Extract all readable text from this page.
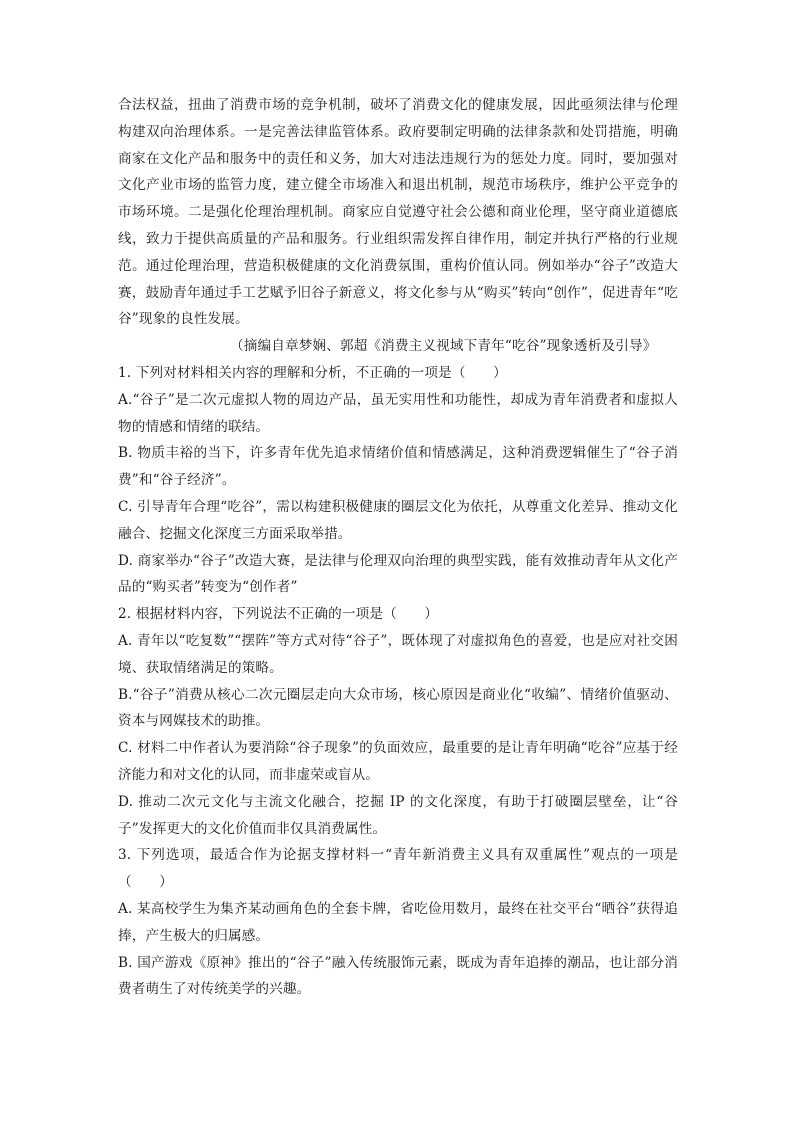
合法权益，扭曲了消费市场的竞争机制，破坏了消费文化的健康发展，因此亟须法律与伦理构建双向治理体系。一是完善法律监管体系。政府要制定明确的法律条款和处罚措施，明确商家在文化产品和服务中的责任和义务，加大对违法违规行为的惩处力度。同时，要加强对文化产业市场的监管力度，建立健全市场准入和退出机制，规范市场秩序，维护公平竞争的市场环境。二是强化伦理治理机制。商家应自觉遵守社会公德和商业伦理，坚守商业道德底线，致力于提供高质量的产品和服务。行业组织需发挥自律作用，制定并执行严格的行业规范。通过伦理治理，营造积极健康的文化消费氛围，重构价值认同。例如举办“谷子”改造大赛，鼓励青年通过手工艺赋予旧谷子新意义，将文化参与从“购买”转向“创作”，促进青年“吃谷”现象的良性发展。

（摘编自章梦娴、郭超《消费主义视域下青年“吃谷”现象透析及引导》

1. 下列对材料相关内容的理解和分析，不正确的一项是（　　）

A.“谷子”是二次元虚拟人物的周边产品，虽无实用性和功能性，却成为青年消费者和虚拟人物的情感和情绪的联结。

B. 物质丰裕的当下，许多青年优先追求情绪价值和情感满足，这种消费逻辑催生了“谷子消费”和“谷子经济”。

C. 引导青年合理“吃谷”，需以构建积极健康的圈层文化为依托，从尊重文化差异、推动文化融合、挖掘文化深度三方面采取举措。

D. 商家举办“谷子”改造大赛，是法律与伦理双向治理的典型实践，能有效推动青年从文化产品的“购买者”转变为“创作者”

2. 根据材料内容，下列说法不正确的一项是（　　）

A. 青年以“吃复数”“摆阵”等方式对待“谷子”，既体现了对虚拟角色的喜爱，也是应对社交困境、获取情绪满足的策略。

B.“谷子”消费从核心二次元圈层走向大众市场，核心原因是商业化“收编”、情绪价值驱动、资本与网媒技术的助推。

C. 材料二中作者认为要消除“谷子现象”的负面效应，最重要的是让青年明确“吃谷”应基于经济能力和对文化的认同，而非虚荣或盲从。

D. 推动二次元文化与主流文化融合，挖掘 IP 的文化深度，有助于打破圈层壁垒，让“谷子”发挥更大的文化价值而非仅具消费属性。

3. 下列选项，最适合作为论据支撑材料一“青年新消费主义具有双重属性”观点的一项是（　　）

A. 某高校学生为集齐某动画角色的全套卡牌，省吃俭用数月，最终在社交平台“晒谷”获得追捧，产生极大的归属感。

B. 国产游戏《原神》推出的“谷子”融入传统服饰元素，既成为青年追捧的潮品，也让部分消费者萌生了对传统美学的兴趣。
